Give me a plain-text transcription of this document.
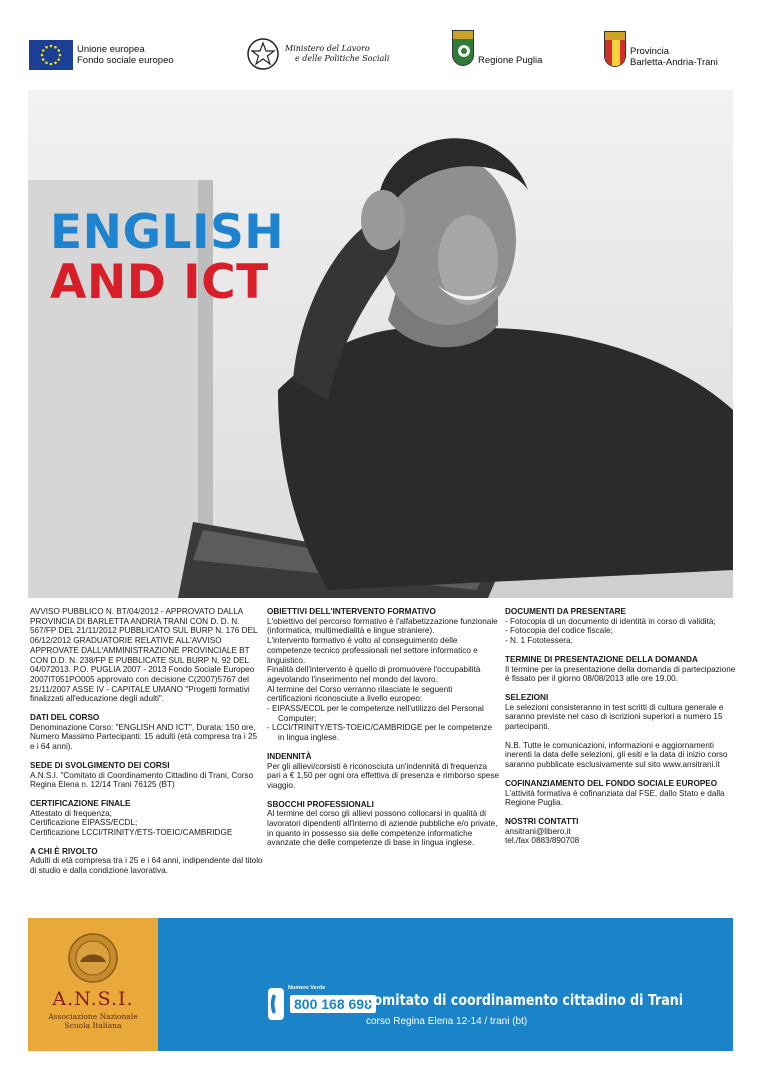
Unione europea
Fondo sociale europeo
Ministero del Lavoro
e delle Politiche Sociali	Regione Puglia
Provincia
Barletta-Andria-Trani
ENGLISH
AND ICT
AVVISO PUBBLICO N. BT/04/2012 - APPROVATO DALLA PROVINCIA DI BARLETTA ANDRIA TRANI CON D. D. N. 567/FP DEL 21/11/2012 PUBBLICATO SUL BURP N. 176 DEL 06/12/2012 GRADUATORIE RELATIVE ALL'AVVISO APPROVATE DALL'AMMINISTRAZIONE PROVINCIALE BT CON D.D. N. 238/FP E PUBBLICATE SUL BURP N. 92 DEL 04/072013. P.O. PUGLIA 2007 - 2013 Fondo Sociale Europeo 2007IT051PO005 approvato con decisione C(2007)5767 del 21/11/2007 ASSE IV - CAPITALE UMANO "Progetti formativi finalizzati all'educazione degli adulti".
DATI DEL CORSO
Denominazione Corso: "ENGLISH AND ICT", Durata: 150 ore, Numero Massimo Partecipanti: 15 adulti (età compresa tra i 25 e i 64 anni).
SEDE DI SVOLGIMENTO DEI CORSI
A.N.S.I. "Comitato di Coordinamento Cittadino di Trani, Corso Regina Elena n. 12/14 Trani 76125 (BT)
CERTIFICAZIONE FINALE
Attestato di frequenza;
Certificazione EIPASS/ECDL;
Certificazione LCCI/TRINITY/ETS-TOEIC/CAMBRIDGE
A CHI È RIVOLTO
Adulti di età compresa tra i 25 e i 64 anni, indipendente dal titolo di studio e dalla condizione lavorativa.
OBIETTIVI DELL'INTERVENTO FORMATIVO
L'obiettivo del percorso formativo è l'alfabetizzazione funzionale (informatica, multimedialità e lingue straniere).
L'intervento formativo è volto al conseguimento delle competenze tecnico professionali nel settore informatico e linguistico.
Finalità dell'intervento è quello di promuovere l'occupabilità agevolando l'inserimento nel mondo del lavoro.
Al termine del Corso verranno rilasciate le seguenti certificazioni riconosciute a livello europeo:
- EIPASS/ECDL per le competenze nell'utilizzo del Personal Computer;
- LCCI/TRINITY/ETS-TOEIC/CAMBRIDGE per le competenze in lingua inglese.
INDENNITÀ
Per gli allievi/corsisti è riconosciuta un'indennità di frequenza pari a € 1,50 per ogni ora effettiva di presenza e rimborso spese viaggio.
SBOCCHI PROFESSIONALI
Al termine del corso gli allievi possono collocarsi in qualità di lavoratori dipendenti all'interno di aziende pubbliche e/o private, in quanto in possesso sia delle competenze informatiche avanzate che delle competenze di base in lingua inglese.
DOCUMENTI DA PRESENTARE
- Fotocopia di un documento di identità in corso di validità;
- Fotocopia del codice fiscale;
- N. 1 Fototessera.
TERMINE DI PRESENTAZIONE DELLA DOMANDA
Il termine per la presentazione della domanda di partecipazione è fissato per il giorno 08/08/2013 alle ore 19.00.
SELEZIONI
Le selezioni consisteranno in test scritti di cultura generale e saranno previste nel caso di iscrizioni superiori a numero 15 partecipanti.
N.B. Tutte le comunicazioni, informazioni e aggiornamenti inerenti la data delle selezioni, gli esiti e la data di inizio corso saranno pubblicate esclusivamente sul sito www.ansitrani.it
COFINANZIAMENTO DEL FONDO SOCIALE EUROPEO
L'attività formativa è cofinanziata dal FSE, dallo Stato e dalla Regione Puglia.
NOSTRI CONTATTI
ansitrani@libero.it
tel./fax 0883/890708
A.N.S.I.
Associazione Nazionale
Scuola Italiana
Numero Verde
800 168 698
comitato di coordinamento cittadino di Trani
corso Regina Elena 12-14 / trani (bt)
